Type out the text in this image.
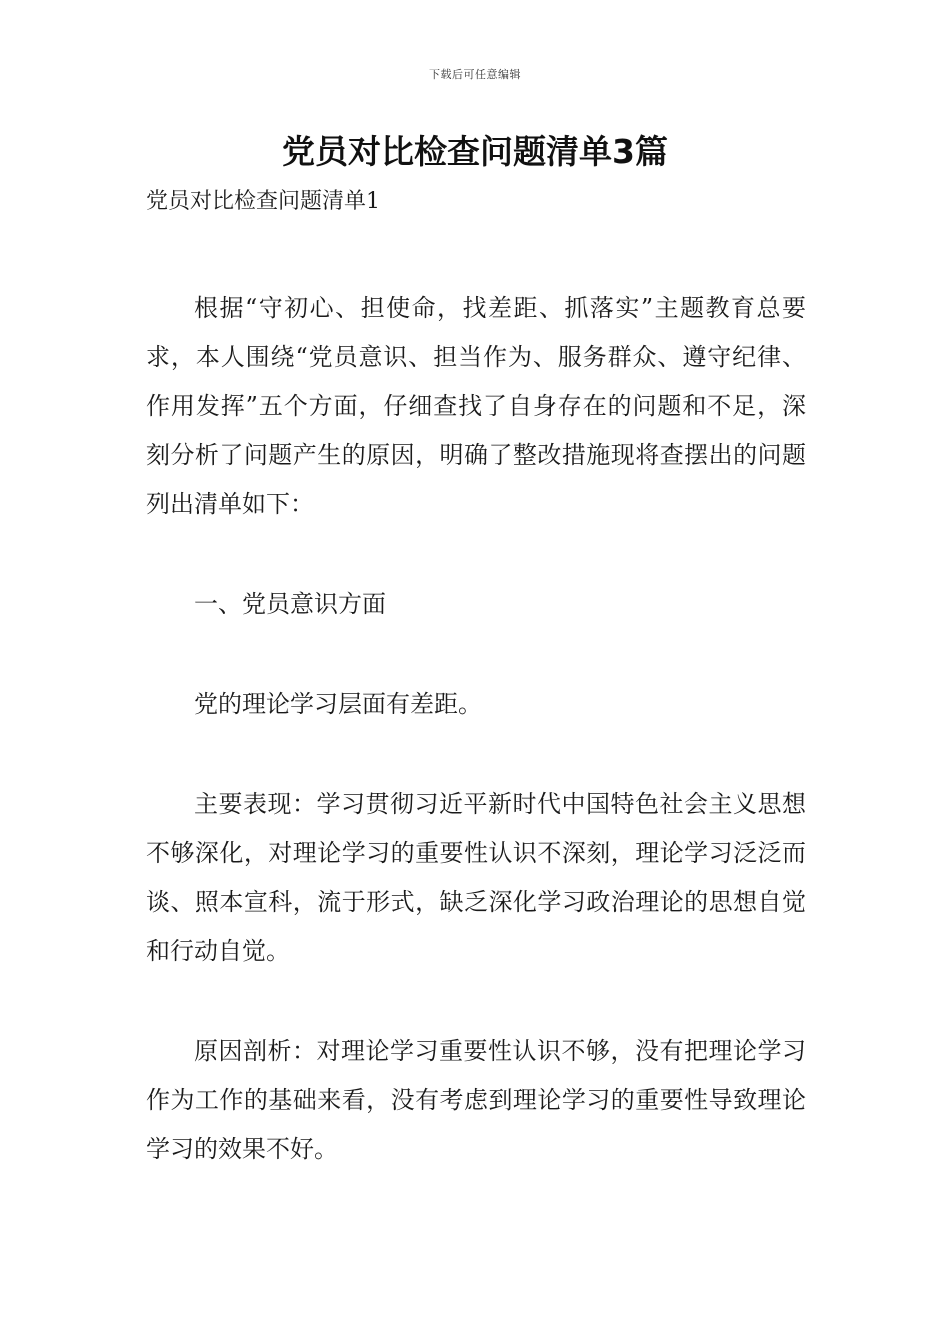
下载后可任意编辑
党员对比检查问题清单3篇
党员对比检查问题清单1

根据“守初心、担使命，找差距、抓落实”主题教育总要求，本人围绕“党员意识、担当作为、服务群众、遵守纪律、作用发挥”五个方面，仔细查找了自身存在的问题和不足，深刻分析了问题产生的原因，明确了整改措施现将查摆出的问题列出清单如下：

一、党员意识方面

党的理论学习层面有差距。

主要表现：学习贯彻习近平新时代中国特色社会主义思想不够深化，对理论学习的重要性认识不深刻，理论学习泛泛而谈、照本宣科，流于形式，缺乏深化学习政治理论的思想自觉和行动自觉。

原因剖析：对理论学习重要性认识不够，没有把理论学习作为工作的基础来看，没有考虑到理论学习的重要性导致理论学习的效果不好。
